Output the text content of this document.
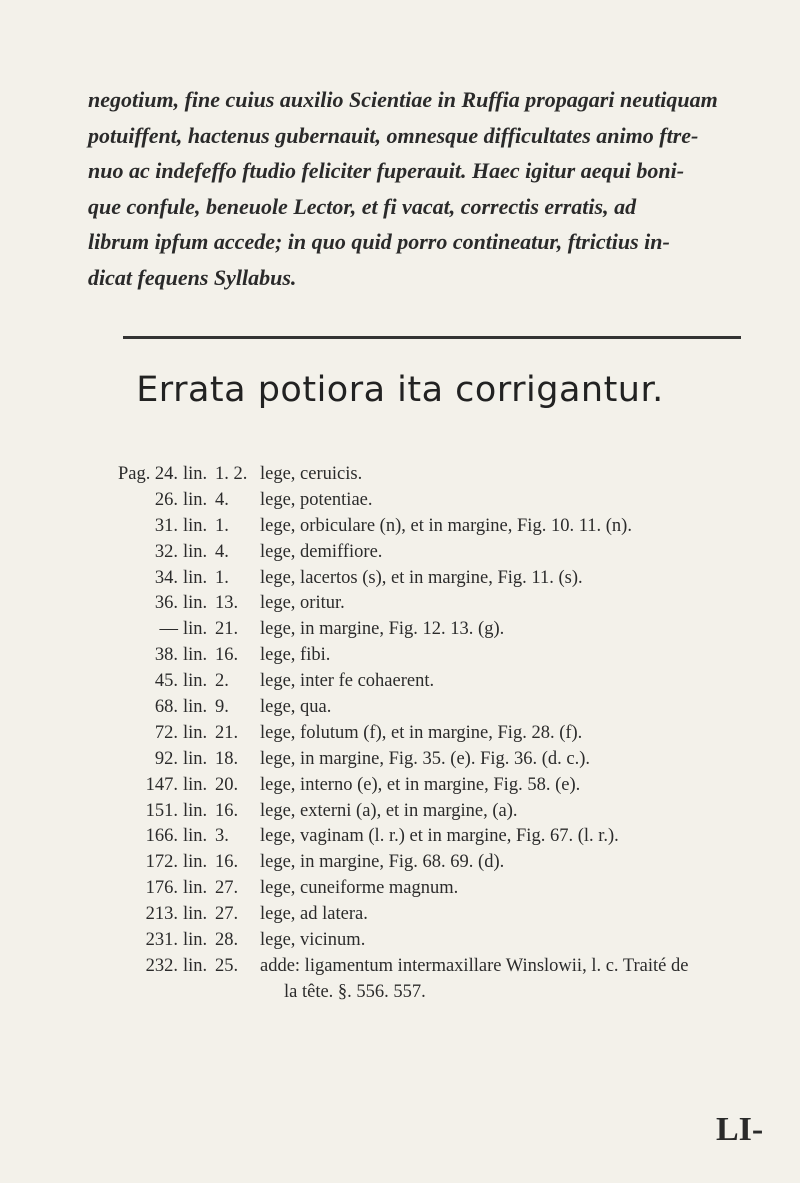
negotium, fine cuius auxilio Scientiae in Ruffia propagari neutiquam
potuiffent, hactenus gubernauit, omnesque difficultates animo ftre-
nuo ac indefeffo ftudio feliciter fuperauit. Haec igitur aequi boni-
que confule, beneuole Lector, et fi vacat, correctis erratis, ad
librum ipfum accede; in quo quid porro contineatur, ftrictius in-
dicat fequens Syllabus.
Errata potiora ita corrigantur.
Pag. 24. lin. 1. 2. lege, ceruicis.
26. lin. 4. lege, potentiae.
31. lin. 1. lege, orbiculare (n), et in margine, Fig. 10. 11. (n).
32. lin. 4. lege, demiffiore.
34. lin. 1. lege, lacertos (s), et in margine, Fig. 11. (s).
36. lin. 13. lege, oritur.
— lin. 21. lege, in margine, Fig. 12. 13. (g).
38. lin. 16. lege, fibi.
45. lin. 2. lege, inter fe cohaerent.
68. lin. 9. lege, qua.
72. lin. 21. lege, folutum (f), et in margine, Fig. 28. (f).
92. lin. 18. lege, in margine, Fig. 35. (e). Fig. 36. (d. c.).
147. lin. 20. lege, interno (e), et in margine, Fig. 58. (e).
151. lin. 16. lege, externi (a), et in margine, (a).
166. lin. 3. lege, vaginam (l. r.) et in margine, Fig. 67. (l. r.).
172. lin. 16. lege, in margine, Fig. 68. 69. (d).
176. lin. 27. lege, cuneiforme magnum.
213. lin. 27. lege, ad latera.
231. lin. 28. lege, vicinum.
232. lin. 25. adde: ligamentum intermaxillare Winslowii, l. c. Traité de
la tête. §. 556. 557.
LI-
